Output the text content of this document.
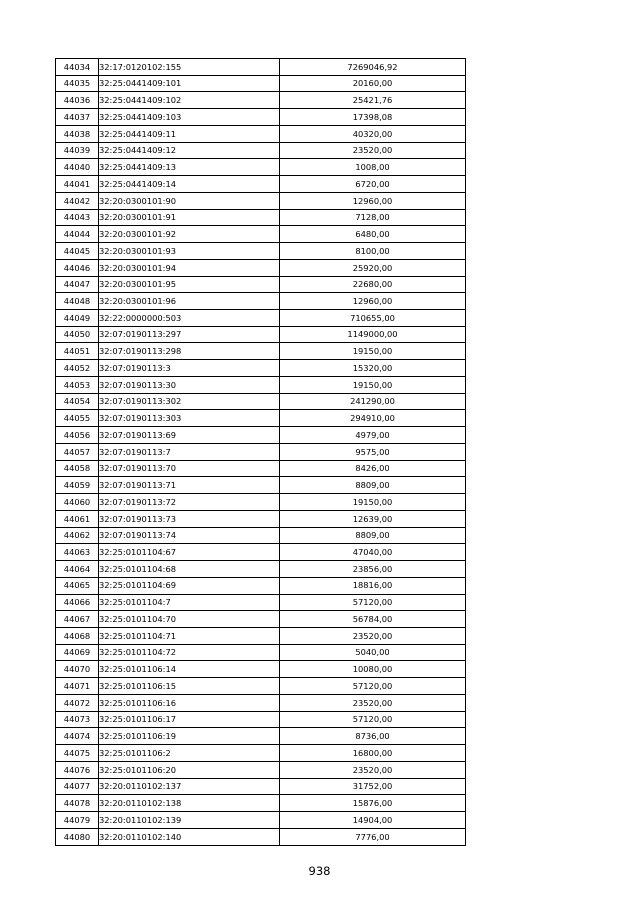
44034	32:17:0120102:155	7269046,92
44035	32:25:0441409:101	20160,00
44036	32:25:0441409:102	25421,76
44037	32:25:0441409:103	17398,08
44038	32:25:0441409:11	40320,00
44039	32:25:0441409:12	23520,00
44040	32:25:0441409:13	1008,00
44041	32:25:0441409:14	6720,00
44042	32:20:0300101:90	12960,00
44043	32:20:0300101:91	7128,00
44044	32:20:0300101:92	6480,00
44045	32:20:0300101:93	8100,00
44046	32:20:0300101:94	25920,00
44047	32:20:0300101:95	22680,00
44048	32:20:0300101:96	12960,00
44049	32:22:0000000:503	710655,00
44050	32:07:0190113:297	1149000,00
44051	32:07:0190113:298	19150,00
44052	32:07:0190113:3	15320,00
44053	32:07:0190113:30	19150,00
44054	32:07:0190113:302	241290,00
44055	32:07:0190113:303	294910,00
44056	32:07:0190113:69	4979,00
44057	32:07:0190113:7	9575,00
44058	32:07:0190113:70	8426,00
44059	32:07:0190113:71	8809,00
44060	32:07:0190113:72	19150,00
44061	32:07:0190113:73	12639,00
44062	32:07:0190113:74	8809,00
44063	32:25:0101104:67	47040,00
44064	32:25:0101104:68	23856,00
44065	32:25:0101104:69	18816,00
44066	32:25:0101104:7	57120,00
44067	32:25:0101104:70	56784,00
44068	32:25:0101104:71	23520,00
44069	32:25:0101104:72	5040,00
44070	32:25:0101106:14	10080,00
44071	32:25:0101106:15	57120,00
44072	32:25:0101106:16	23520,00
44073	32:25:0101106:17	57120,00
44074	32:25:0101106:19	8736,00
44075	32:25:0101106:2	16800,00
44076	32:25:0101106:20	23520,00
44077	32:20:0110102:137	31752,00
44078	32:20:0110102:138	15876,00
44079	32:20:0110102:139	14904,00
44080	32:20:0110102:140	7776,00
938
